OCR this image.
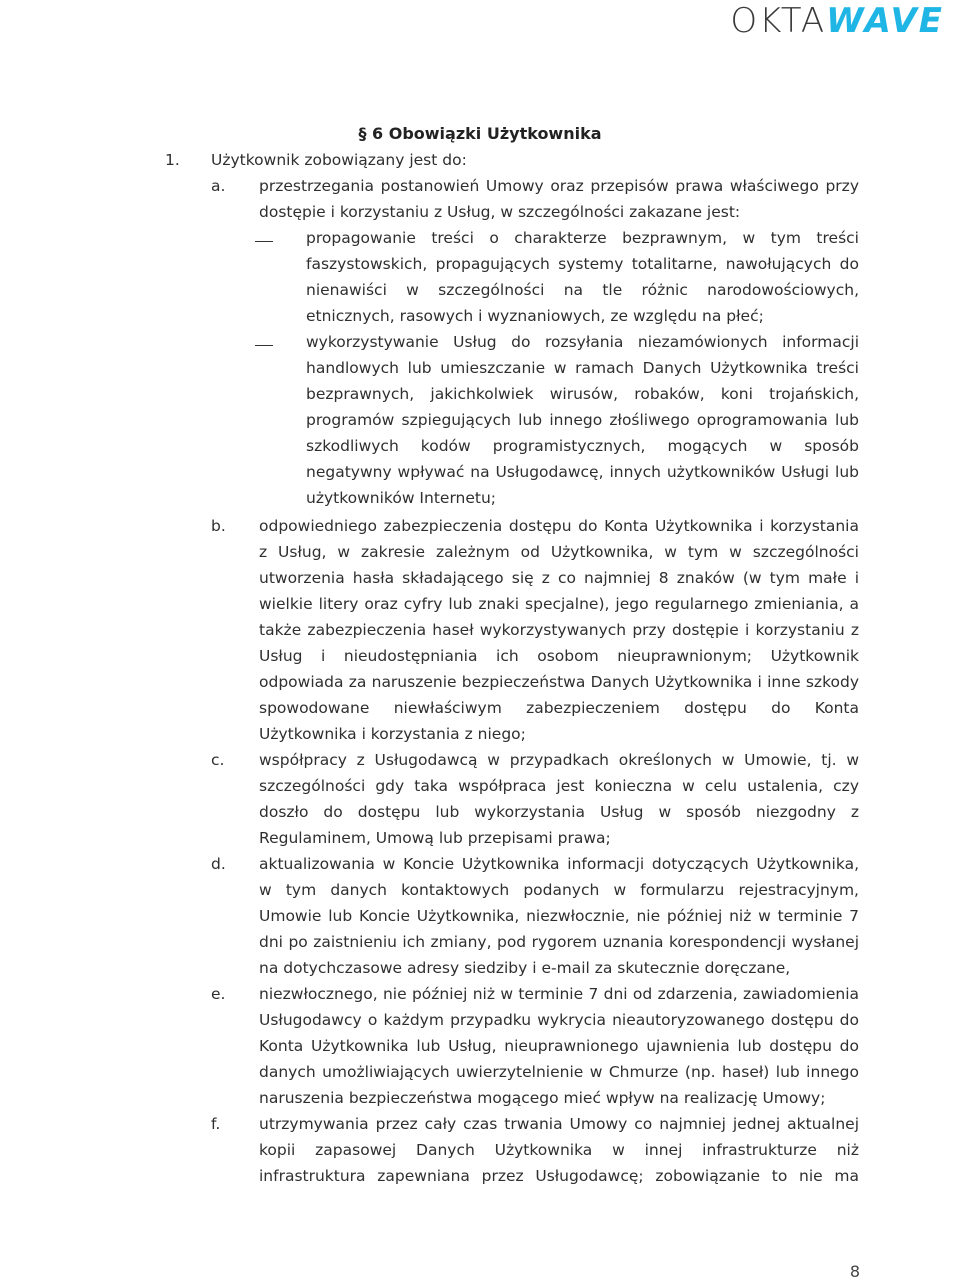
OKTAWAVE
§ 6 Obowiązki Użytkownika
1. Użytkownik zobowiązany jest do:
a. przestrzegania postanowień Umowy oraz przepisów prawa właściwego przy dostępie i korzystaniu z Usług, w szczególności zakazane jest:
propagowanie treści o charakterze bezprawnym, w tym treści faszystowskich, propagujących systemy totalitarne, nawołujących do nienawiści w szczególności na tle różnic narodowościowych, etnicznych, rasowych i wyznaniowych, ze względu na płeć;
wykorzystywanie Usług do rozsyłania niezamówionych informacji handlowych lub umieszczanie w ramach Danych Użytkownika treści bezprawnych, jakichkolwiek wirusów, robaków, koni trojańskich, programów szpiegujących lub innego złośliwego oprogramowania lub szkodliwych kodów programistycznych, mogących w sposób negatywny wpływać na Usługodawcę, innych użytkowników Usługi lub użytkowników Internetu;
b. odpowiedniego zabezpieczenia dostępu do Konta Użytkownika i korzystania z Usług, w zakresie zależnym od Użytkownika, w tym w szczególności utworzenia hasła składającego się z co najmniej 8 znaków (w tym małe i wielkie litery oraz cyfry lub znaki specjalne), jego regularnego zmieniania, a także zabezpieczenia haseł wykorzystywanych przy dostępie i korzystaniu z Usług i nieudostępniania ich osobom nieuprawnionym; Użytkownik odpowiada za naruszenie bezpieczeństwa Danych Użytkownika i inne szkody spowodowane niewłaściwym zabezpieczeniem dostępu do Konta Użytkownika i korzystania z niego;
c. współpracy z Usługodawcą w przypadkach określonych w Umowie, tj. w szczególności gdy taka współpraca jest konieczna w celu ustalenia, czy doszło do dostępu lub wykorzystania Usług w sposób niezgodny z Regulaminem, Umową lub przepisami prawa;
d. aktualizowania w Koncie Użytkownika informacji dotyczących Użytkownika, w tym danych kontaktowych podanych w formularzu rejestracyjnym, Umowie lub Koncie Użytkownika, niezwłocznie, nie później niż w terminie 7 dni po zaistnieniu ich zmiany, pod rygorem uznania korespondencji wysłanej na dotychczasowe adresy siedziby i e-mail za skutecznie doręczane,
e. niezwłocznego, nie później niż w terminie 7 dni od zdarzenia, zawiadomienia Usługodawcy o każdym przypadku wykrycia nieautoryzowanego dostępu do Konta Użytkownika lub Usług, nieuprawnionego ujawnienia lub dostępu do danych umożliwiających uwierzytelnienie w Chmurze (np. haseł) lub innego naruszenia bezpieczeństwa mogącego mieć wpływ na realizację Umowy;
f. utrzymywania przez cały czas trwania Umowy co najmniej jednej aktualnej kopii zapasowej Danych Użytkownika w innej infrastrukturze niż infrastruktura zapewniana przez Usługodawcę; zobowiązanie to nie ma
8
